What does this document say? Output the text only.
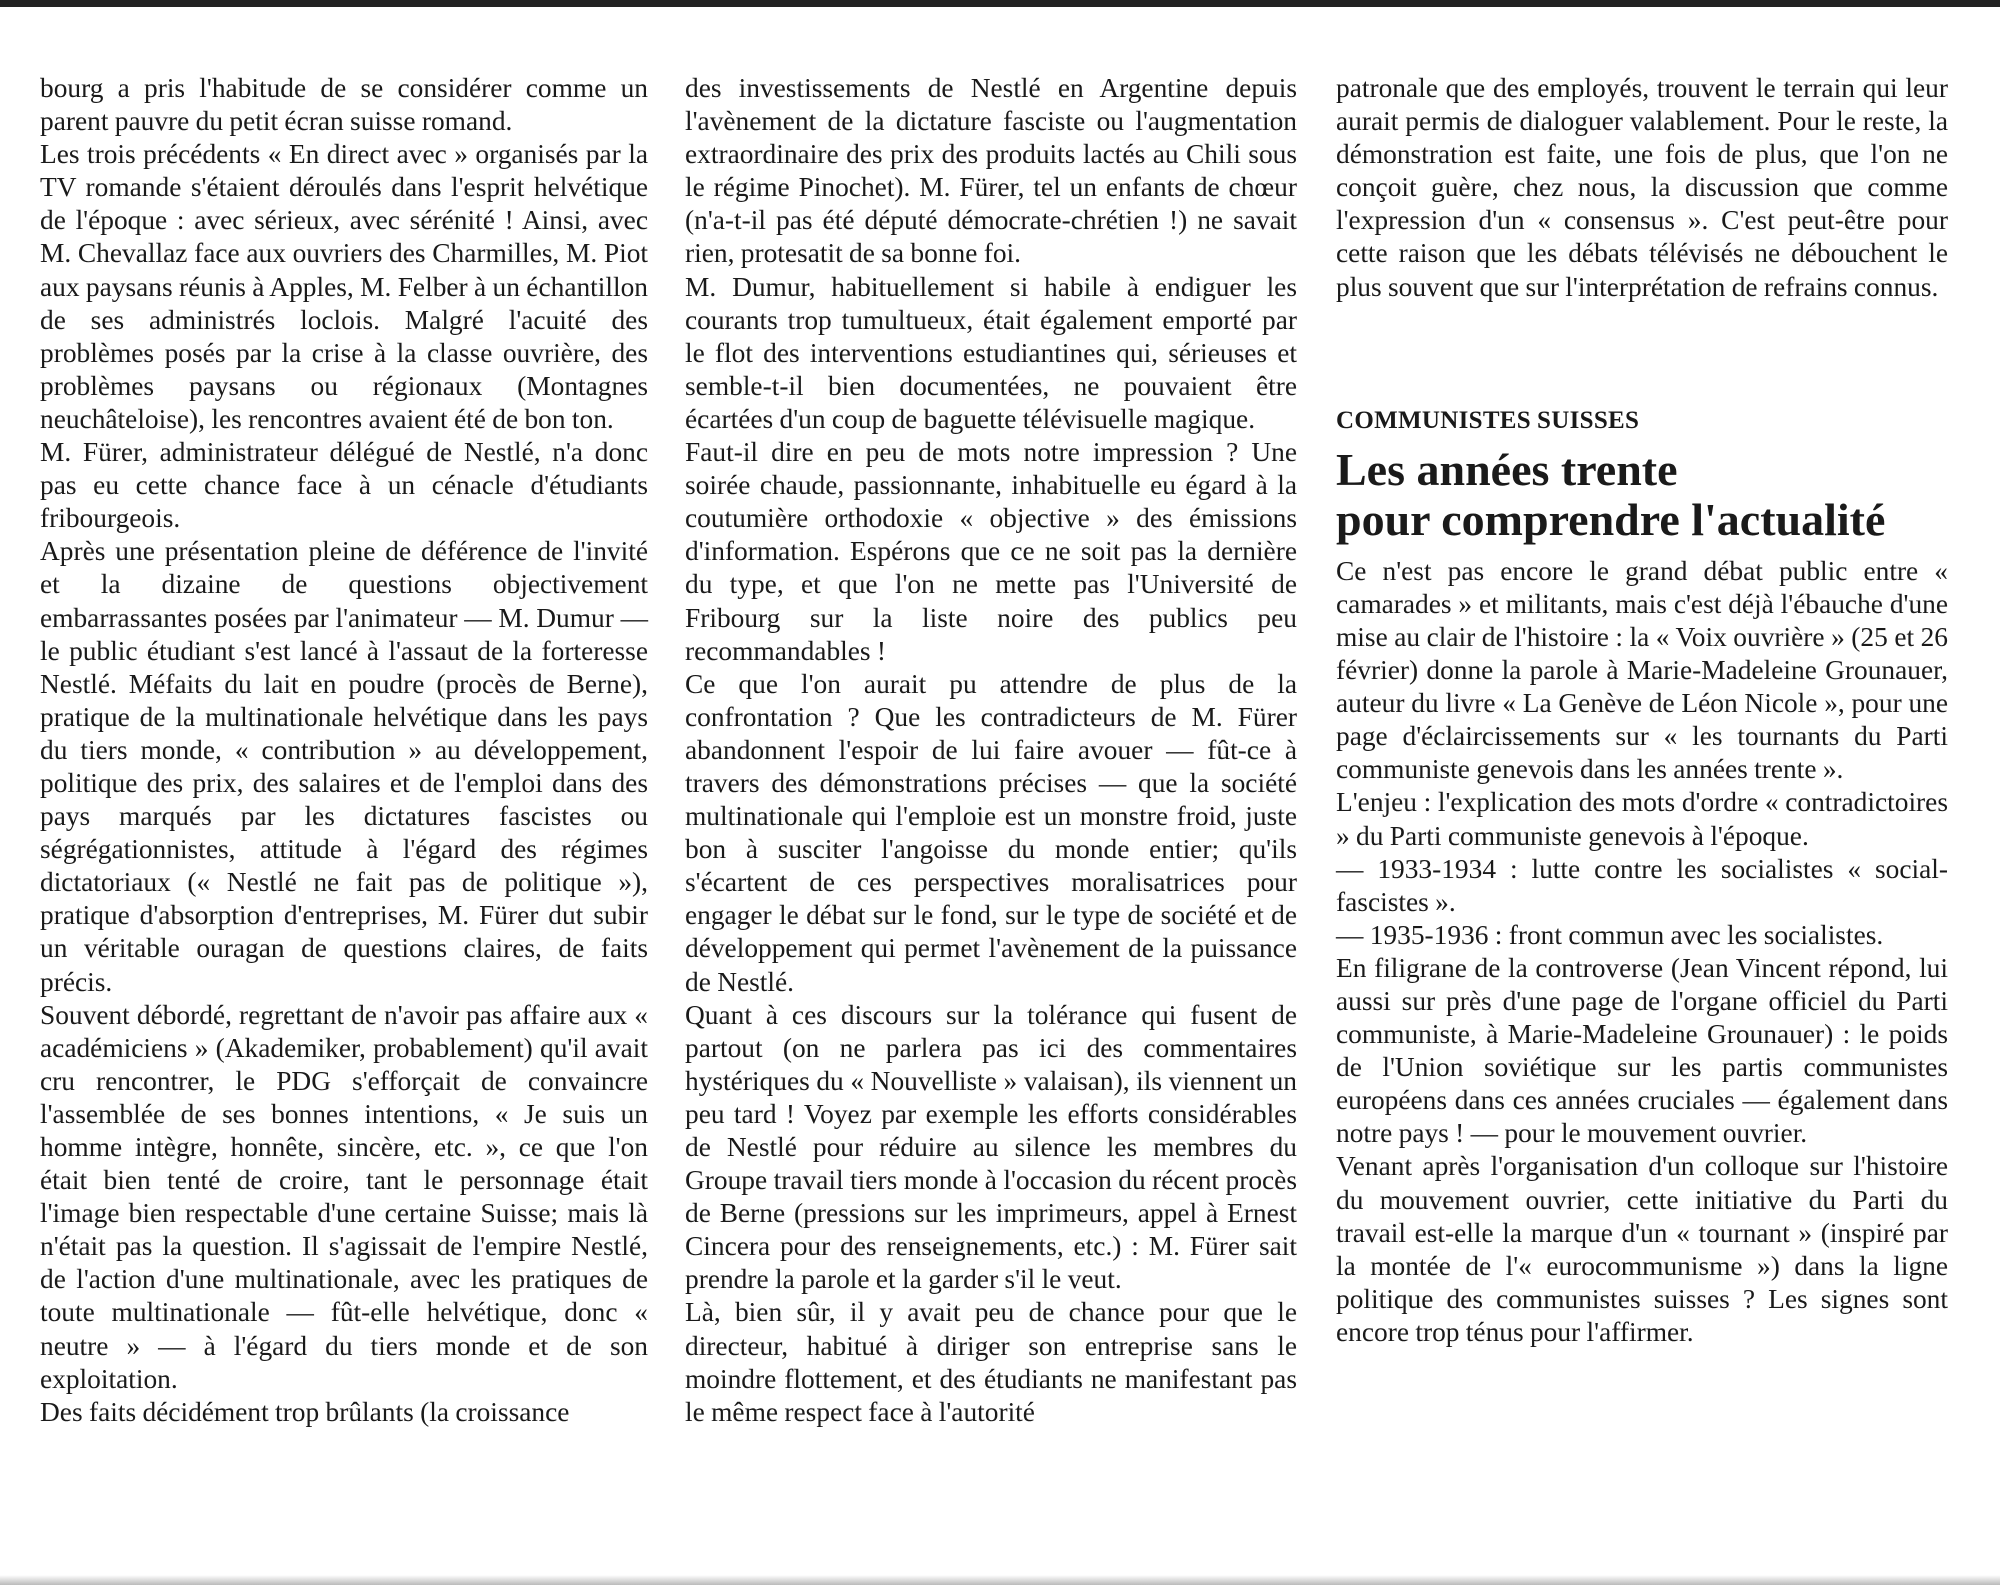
bourg a pris l'habitude de se considérer comme un parent pauvre du petit écran suisse romand.

Les trois précédents « En direct avec » organisés par la TV romande s'étaient déroulés dans l'esprit helvétique de l'époque : avec sérieux, avec sérénité ! Ainsi, avec M. Chevallaz face aux ouvriers des Charmilles, M. Piot aux paysans réunis à Apples, M. Felber à un échantillon de ses administrés loclois. Malgré l'acuité des problèmes posés par la crise à la classe ouvrière, des problèmes paysans ou régionaux (Montagnes neuchâteloise), les rencontres avaient été de bon ton.

M. Fürer, administrateur délégué de Nestlé, n'a donc pas eu cette chance face à un cénacle d'étudiants fribourgeois.

Après une présentation pleine de déférence de l'invité et la dizaine de questions objectivement embarrassantes posées par l'animateur — M. Dumur — le public étudiant s'est lancé à l'assaut de la forteresse Nestlé. Méfaits du lait en poudre (procès de Berne), pratique de la multinationale helvétique dans les pays du tiers monde, « contribution » au développement, politique des prix, des salaires et de l'emploi dans des pays marqués par les dictatures fascistes ou ségrégationnistes, attitude à l'égard des régimes dictatoriaux (« Nestlé ne fait pas de politique »), pratique d'absorption d'entreprises, M. Fürer dut subir un véritable ouragan de questions claires, de faits précis.

Souvent débordé, regrettant de n'avoir pas affaire aux « académiciens » (Akademiker, probablement) qu'il avait cru rencontrer, le PDG s'efforçait de convaincre l'assemblée de ses bonnes intentions, « Je suis un homme intègre, honnête, sincère, etc. », ce que l'on était bien tenté de croire, tant le personnage était l'image bien respectable d'une certaine Suisse; mais là n'était pas la question. Il s'agissait de l'empire Nestlé, de l'action d'une multinationale, avec les pratiques de toute multinationale — fût-elle helvétique, donc « neutre » — à l'égard du tiers monde et de son exploitation.

Des faits décidément trop brûlants (la croissance

des investissements de Nestlé en Argentine depuis l'avènement de la dictature fasciste ou l'augmentation extraordinaire des prix des produits lactés au Chili sous le régime Pinochet). M. Fürer, tel un enfants de chœur (n'a-t-il pas été député démocrate-chrétien !) ne savait rien, protesatit de sa bonne foi.

M. Dumur, habituellement si habile à endiguer les courants trop tumultueux, était également emporté par le flot des interventions estudiantines qui, sérieuses et semble-t-il bien documentées, ne pouvaient être écartées d'un coup de baguette télévisuelle magique.

Faut-il dire en peu de mots notre impression ? Une soirée chaude, passionnante, inhabituelle eu égard à la coutumière orthodoxie « objective » des émissions d'information. Espérons que ce ne soit pas la dernière du type, et que l'on ne mette pas l'Université de Fribourg sur la liste noire des publics peu recommandables !

Ce que l'on aurait pu attendre de plus de la confrontation ? Que les contradicteurs de M. Fürer abandonnent l'espoir de lui faire avouer — fût-ce à travers des démonstrations précises — que la société multinationale qui l'emploie est un monstre froid, juste bon à susciter l'angoisse du monde entier; qu'ils s'écartent de ces perspectives moralisatrices pour engager le débat sur le fond, sur le type de société et de développement qui permet l'avènement de la puissance de Nestlé.

Quant à ces discours sur la tolérance qui fusent de partout (on ne parlera pas ici des commentaires hystériques du « Nouvelliste » valaisan), ils viennent un peu tard ! Voyez par exemple les efforts considérables de Nestlé pour réduire au silence les membres du Groupe travail tiers monde à l'occasion du récent procès de Berne (pressions sur les imprimeurs, appel à Ernest Cincera pour des renseignements, etc.) : M. Fürer sait prendre la parole et la garder s'il le veut.

Là, bien sûr, il y avait peu de chance pour que le directeur, habitué à diriger son entreprise sans le moindre flottement, et des étudiants ne manifestant pas le même respect face à l'autorité

patronale que des employés, trouvent le terrain qui leur aurait permis de dialoguer valablement. Pour le reste, la démonstration est faite, une fois de plus, que l'on ne conçoit guère, chez nous, la discussion que comme l'expression d'un « consensus ». C'est peut-être pour cette raison que les débats télévisés ne débouchent le plus souvent que sur l'interprétation de refrains connus.

COMMUNISTES SUISSES

Les années trente
pour comprendre l'actualité

Ce n'est pas encore le grand débat public entre « camarades » et militants, mais c'est déjà l'ébauche d'une mise au clair de l'histoire : la « Voix ouvrière » (25 et 26 février) donne la parole à Marie-Madeleine Grounauer, auteur du livre « La Genève de Léon Nicole », pour une page d'éclaircissements sur « les tournants du Parti communiste genevois dans les années trente ».

L'enjeu : l'explication des mots d'ordre « contradictoires » du Parti communiste genevois à l'époque.

— 1933-1934 : lutte contre les socialistes « social-fascistes ».

— 1935-1936 : front commun avec les socialistes.

En filigrane de la controverse (Jean Vincent répond, lui aussi sur près d'une page de l'organe officiel du Parti communiste, à Marie-Madeleine Grounauer) : le poids de l'Union soviétique sur les partis communistes européens dans ces années cruciales — également dans notre pays ! — pour le mouvement ouvrier.

Venant après l'organisation d'un colloque sur l'histoire du mouvement ouvrier, cette initiative du Parti du travail est-elle la marque d'un « tournant » (inspiré par la montée de l'« eurocommunisme ») dans la ligne politique des communistes suisses ? Les signes sont encore trop ténus pour l'affirmer.
